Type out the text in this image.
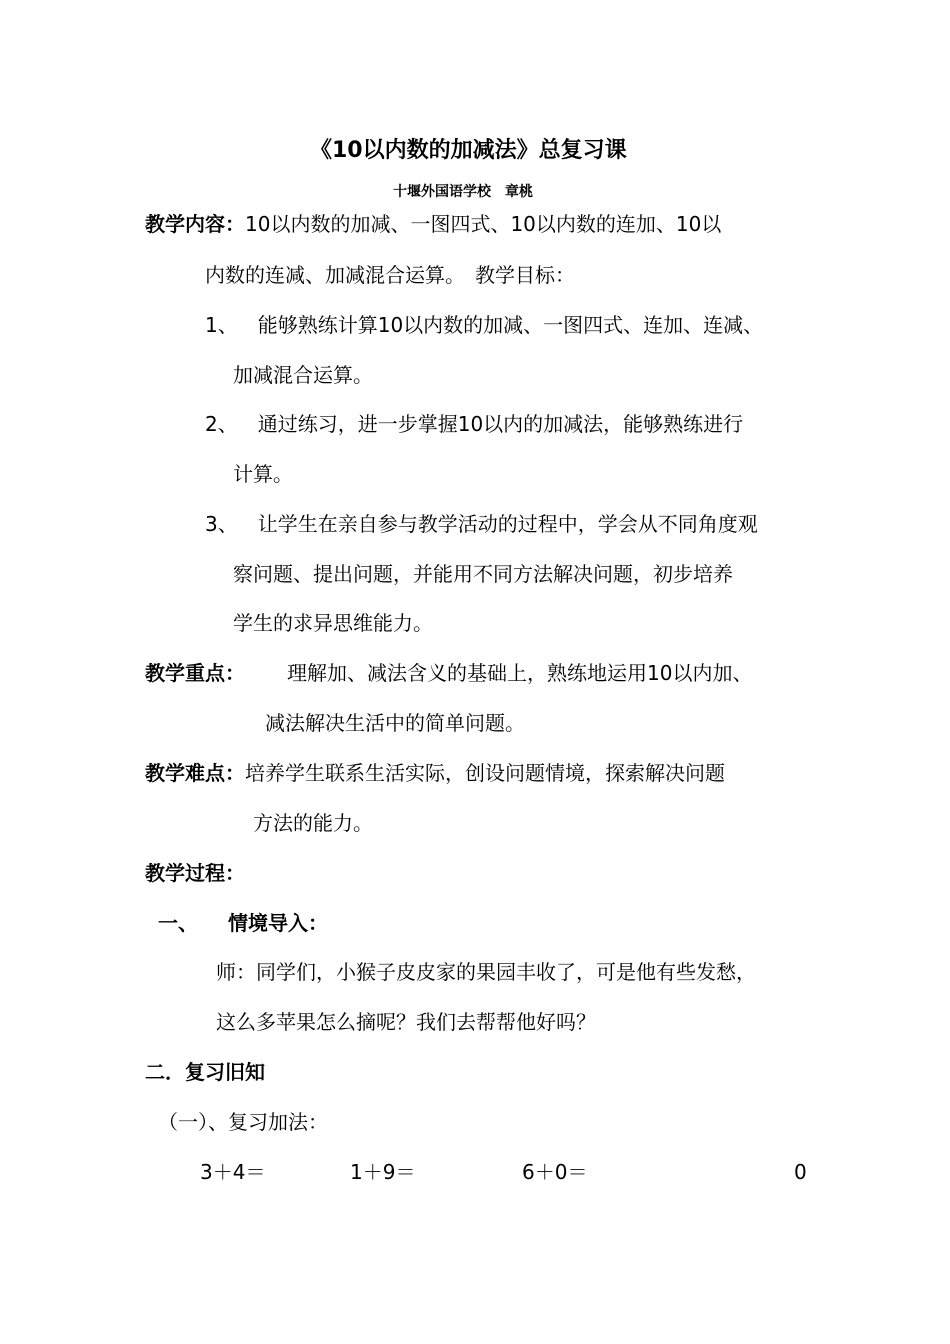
《10以内数的加减法》总复习课
十堰外国语学校　章桃
教学内容：10以内数的加减、一图四式、10以内数的连加、10以
内数的连减、加减混合运算。　教学目标：
1、 能够熟练计算10以内数的加减、一图四式、连加、连减、
加减混合运算。
2、 通过练习，进一步掌握10以内的加减法，能够熟练进行
计算。
3、 让学生在亲自参与教学活动的过程中，学会从不同角度观
察问题、提出问题，并能用不同方法解决问题，初步培养
学生的求异思维能力。
教学重点： 理解加、减法含义的基础上，熟练地运用10以内加、
减法解决生活中的简单问题。
教学难点：培养学生联系生活实际，创设问题情境，探索解决问题
方法的能力。
教学过程：
一、 情境导入：
师：同学们，小猴子皮皮家的果园丰收了，可是他有些发愁，
这么多苹果怎么摘呢？我们去帮帮他好吗？
二．复习旧知
（一）、复习加法：
3＋4＝	1＋9＝	6＋0＝	0
